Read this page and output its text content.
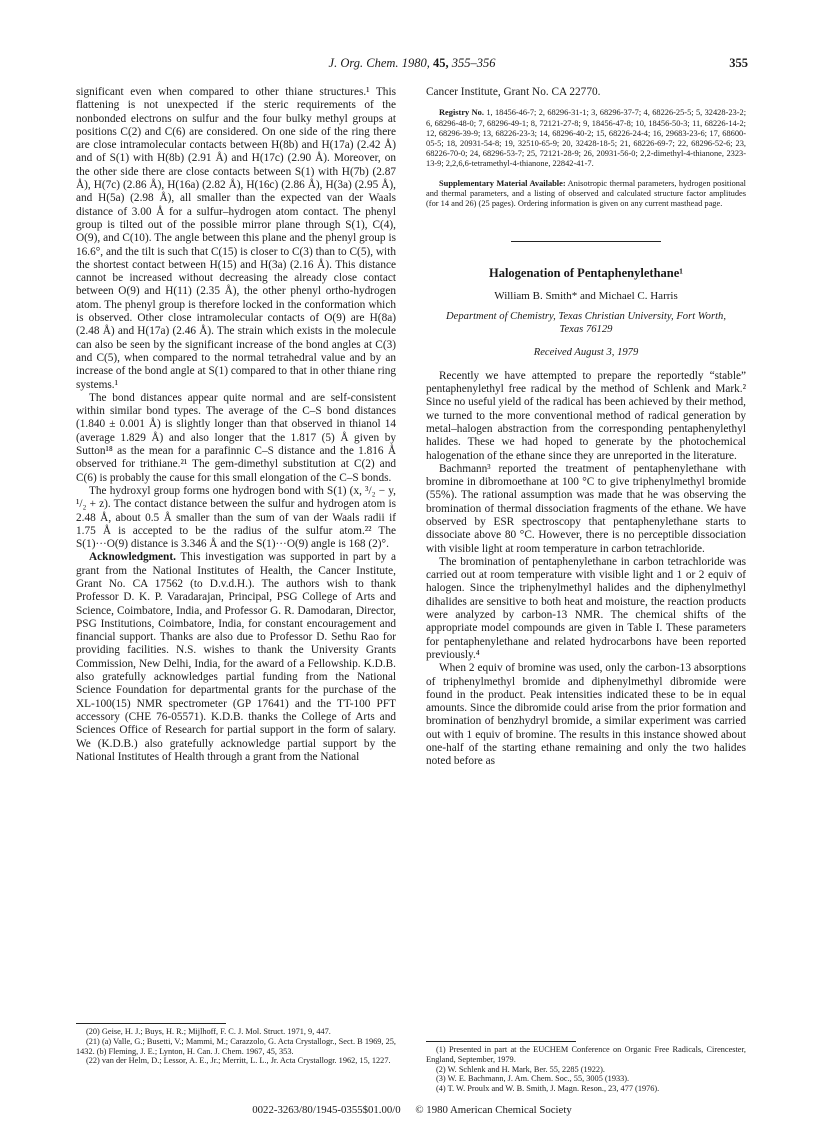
J. Org. Chem. 1980, 45, 355–356	355

significant even when compared to other thiane structures.¹ This flattening is not unexpected if the steric requirements of the nonbonded electrons on sulfur and the four bulky methyl groups at positions C(2) and C(6) are considered. On one side of the ring there are close intramolecular contacts between H(8b) and H(17a) (2.42 Å) and of S(1) with H(8b) (2.91 Å) and H(17c) (2.90 Å). Moreover, on the other side there are close contacts between S(1) with H(7b) (2.87 Å), H(7c) (2.86 Å), H(16a) (2.82 Å), H(16c) (2.86 Å), H(3a) (2.95 Å), and H(5a) (2.98 Å), all smaller than the expected van der Waals distance of 3.00 Å for a sulfur–hydrogen atom contact. The phenyl group is tilted out of the possible mirror plane through S(1), C(4), O(9), and C(10). The angle between this plane and the phenyl group is 16.6°, and the tilt is such that C(15) is closer to C(3) than to C(5), with the shortest contact between H(15) and H(3a) (2.16 Å). This distance cannot be increased without decreasing the already close contact between O(9) and H(11) (2.35 Å), the other phenyl ortho-hydrogen atom. The phenyl group is therefore locked in the conformation which is observed. Other close intramolecular contacts of O(9) are H(8a) (2.48 Å) and H(17a) (2.46 Å). The strain which exists in the molecule can also be seen by the significant increase of the bond angles at C(3) and C(5), when compared to the normal tetrahedral value and by an increase of the bond angle at S(1) compared to that in other thiane ring systems.¹

The bond distances appear quite normal and are self-consistent within similar bond types. The average of the C–S bond distances (1.840 ± 0.001 Å) is slightly longer than that observed in thianol 14 (average 1.829 Å) and also longer that the 1.817 (5) Å given by Sutton¹⁸ as the mean for a parafinnic C–S distance and the 1.816 Å observed for trithiane.²¹ The gem-dimethyl substitution at C(2) and C(6) is probably the cause for this small elongation of the C–S bonds.

The hydroxyl group forms one hydrogen bond with S(1) (x, ³/₂ − y, ¹/₂ + z). The contact distance between the sulfur and hydrogen atom is 2.48 Å, about 0.5 Å smaller than the sum of van der Waals radii if 1.75 Å is accepted to be the radius of the sulfur atom.²² The S(1)···O(9) distance is 3.346 Å and the S(1)···O(9) angle is 168 (2)°.

Acknowledgment. This investigation was supported in part by a grant from the National Institutes of Health, the Cancer Institute, Grant No. CA 17562 (to D.v.d.H.). The authors wish to thank Professor D. K. P. Varadarajan, Principal, PSG College of Arts and Science, Coimbatore, India, and Professor G. R. Damodaran, Director, PSG Institutions, Coimbatore, India, for constant encouragement and financial support. Thanks are also due to Professor D. Sethu Rao for providing facilities. N.S. wishes to thank the University Grants Commission, New Delhi, India, for the award of a Fellowship. K.D.B. also gratefully acknowledges partial funding from the National Science Foundation for departmental grants for the purchase of the XL-100(15) NMR spectrometer (GP 17641) and the TT-100 PFT accessory (CHE 76-05571). K.D.B. thanks the College of Arts and Sciences Office of Research for partial support in the form of salary. We (K.D.B.) also gratefully acknowledge partial support by the National Institutes of Health through a grant from the National

Cancer Institute, Grant No. CA 22770.

Registry No. 1, 18456-46-7; 2, 68296-31-1; 3, 68296-37-7; 4, 68226-25-5; 5, 32428-23-2; 6, 68296-48-0; 7, 68296-49-1; 8, 72121-27-8; 9, 18456-47-8; 10, 18456-50-3; 11, 68226-14-2; 12, 68296-39-9; 13, 68226-23-3; 14, 68296-40-2; 15, 68226-24-4; 16, 29683-23-6; 17, 68600-05-5; 18, 20931-54-8; 19, 32510-65-9; 20, 32428-18-5; 21, 68226-69-7; 22, 68296-52-6; 23, 68226-70-0; 24, 68296-53-7; 25, 72121-28-9; 26, 20931-56-0; 2,2-dimethyl-4-thianone, 2323-13-9; 2,2,6,6-tetramethyl-4-thianone, 22842-41-7.

Supplementary Material Available: Anisotropic thermal parameters, hydrogen positional and thermal parameters, and a listing of observed and calculated structure factor amplitudes (for 14 and 26) (25 pages). Ordering information is given on any current masthead page.

Halogenation of Pentaphenylethane¹
William B. Smith* and Michael C. Harris
Department of Chemistry, Texas Christian University, Fort Worth, Texas 76129
Received August 3, 1979

Recently we have attempted to prepare the reportedly “stable” pentaphenylethyl free radical by the method of Schlenk and Mark.² Since no useful yield of the radical has been achieved by their method, we turned to the more conventional method of radical generation by metal–halogen abstraction from the corresponding pentaphenylethyl halides. These we had hoped to generate by the photochemical halogenation of the ethane since they are unreported in the literature.

Bachmann³ reported the treatment of pentaphenylethane with bromine in dibromoethane at 100 °C to give triphenylmethyl bromide (55%). The rational assumption was made that he was observing the bromination of thermal dissociation fragments of the ethane. We have observed by ESR spectroscopy that pentaphenylethane starts to dissociate above 80 °C. However, there is no perceptible dissociation with visible light at room temperature in carbon tetrachloride.

The bromination of pentaphenylethane in carbon tetrachloride was carried out at room temperature with visible light and 1 or 2 equiv of halogen. Since the triphenylmethyl halides and the diphenylmethyl dihalides are sensitive to both heat and moisture, the reaction products were analyzed by carbon-13 NMR. The chemical shifts of the appropriate model compounds are given in Table I. These parameters for pentaphenylethane and related hydrocarbons have been reported previously.⁴

When 2 equiv of bromine was used, only the carbon-13 absorptions of triphenylmethyl bromide and diphenylmethyl dibromide were found in the product. Peak intensities indicated these to be in equal amounts. Since the dibromide could arise from the prior formation and bromination of benzhydryl bromide, a similar experiment was carried out with 1 equiv of bromine. The results in this instance showed about one-half of the starting ethane remaining and only the two halides noted before as

(20) Geise, H. J.; Buys, H. R.; Mijlhoff, F. C. J. Mol. Struct. 1971, 9, 447.

(21) (a) Valle, G.; Busetti, V.; Mammi, M.; Carazzolo, G. Acta Crystallogr., Sect. B 1969, 25, 1432. (b) Fleming, J. E.; Lynton, H. Can. J. Chem. 1967, 45, 353.

(22) van der Helm, D.; Lessor, A. E., Jr.; Merritt, L. L., Jr. Acta Crystallogr. 1962, 15, 1227.

(1) Presented in part at the EUCHEM Conference on Organic Free Radicals, Cirencester, England, September, 1979.

(2) W. Schlenk and H. Mark, Ber. 55, 2285 (1922).

(3) W. E. Bachmann, J. Am. Chem. Soc., 55, 3005 (1933).

(4) T. W. Proulx and W. B. Smith, J. Magn. Reson., 23, 477 (1976).

0022-3263/80/1945-0355$01.00/0 © 1980 American Chemical Society
